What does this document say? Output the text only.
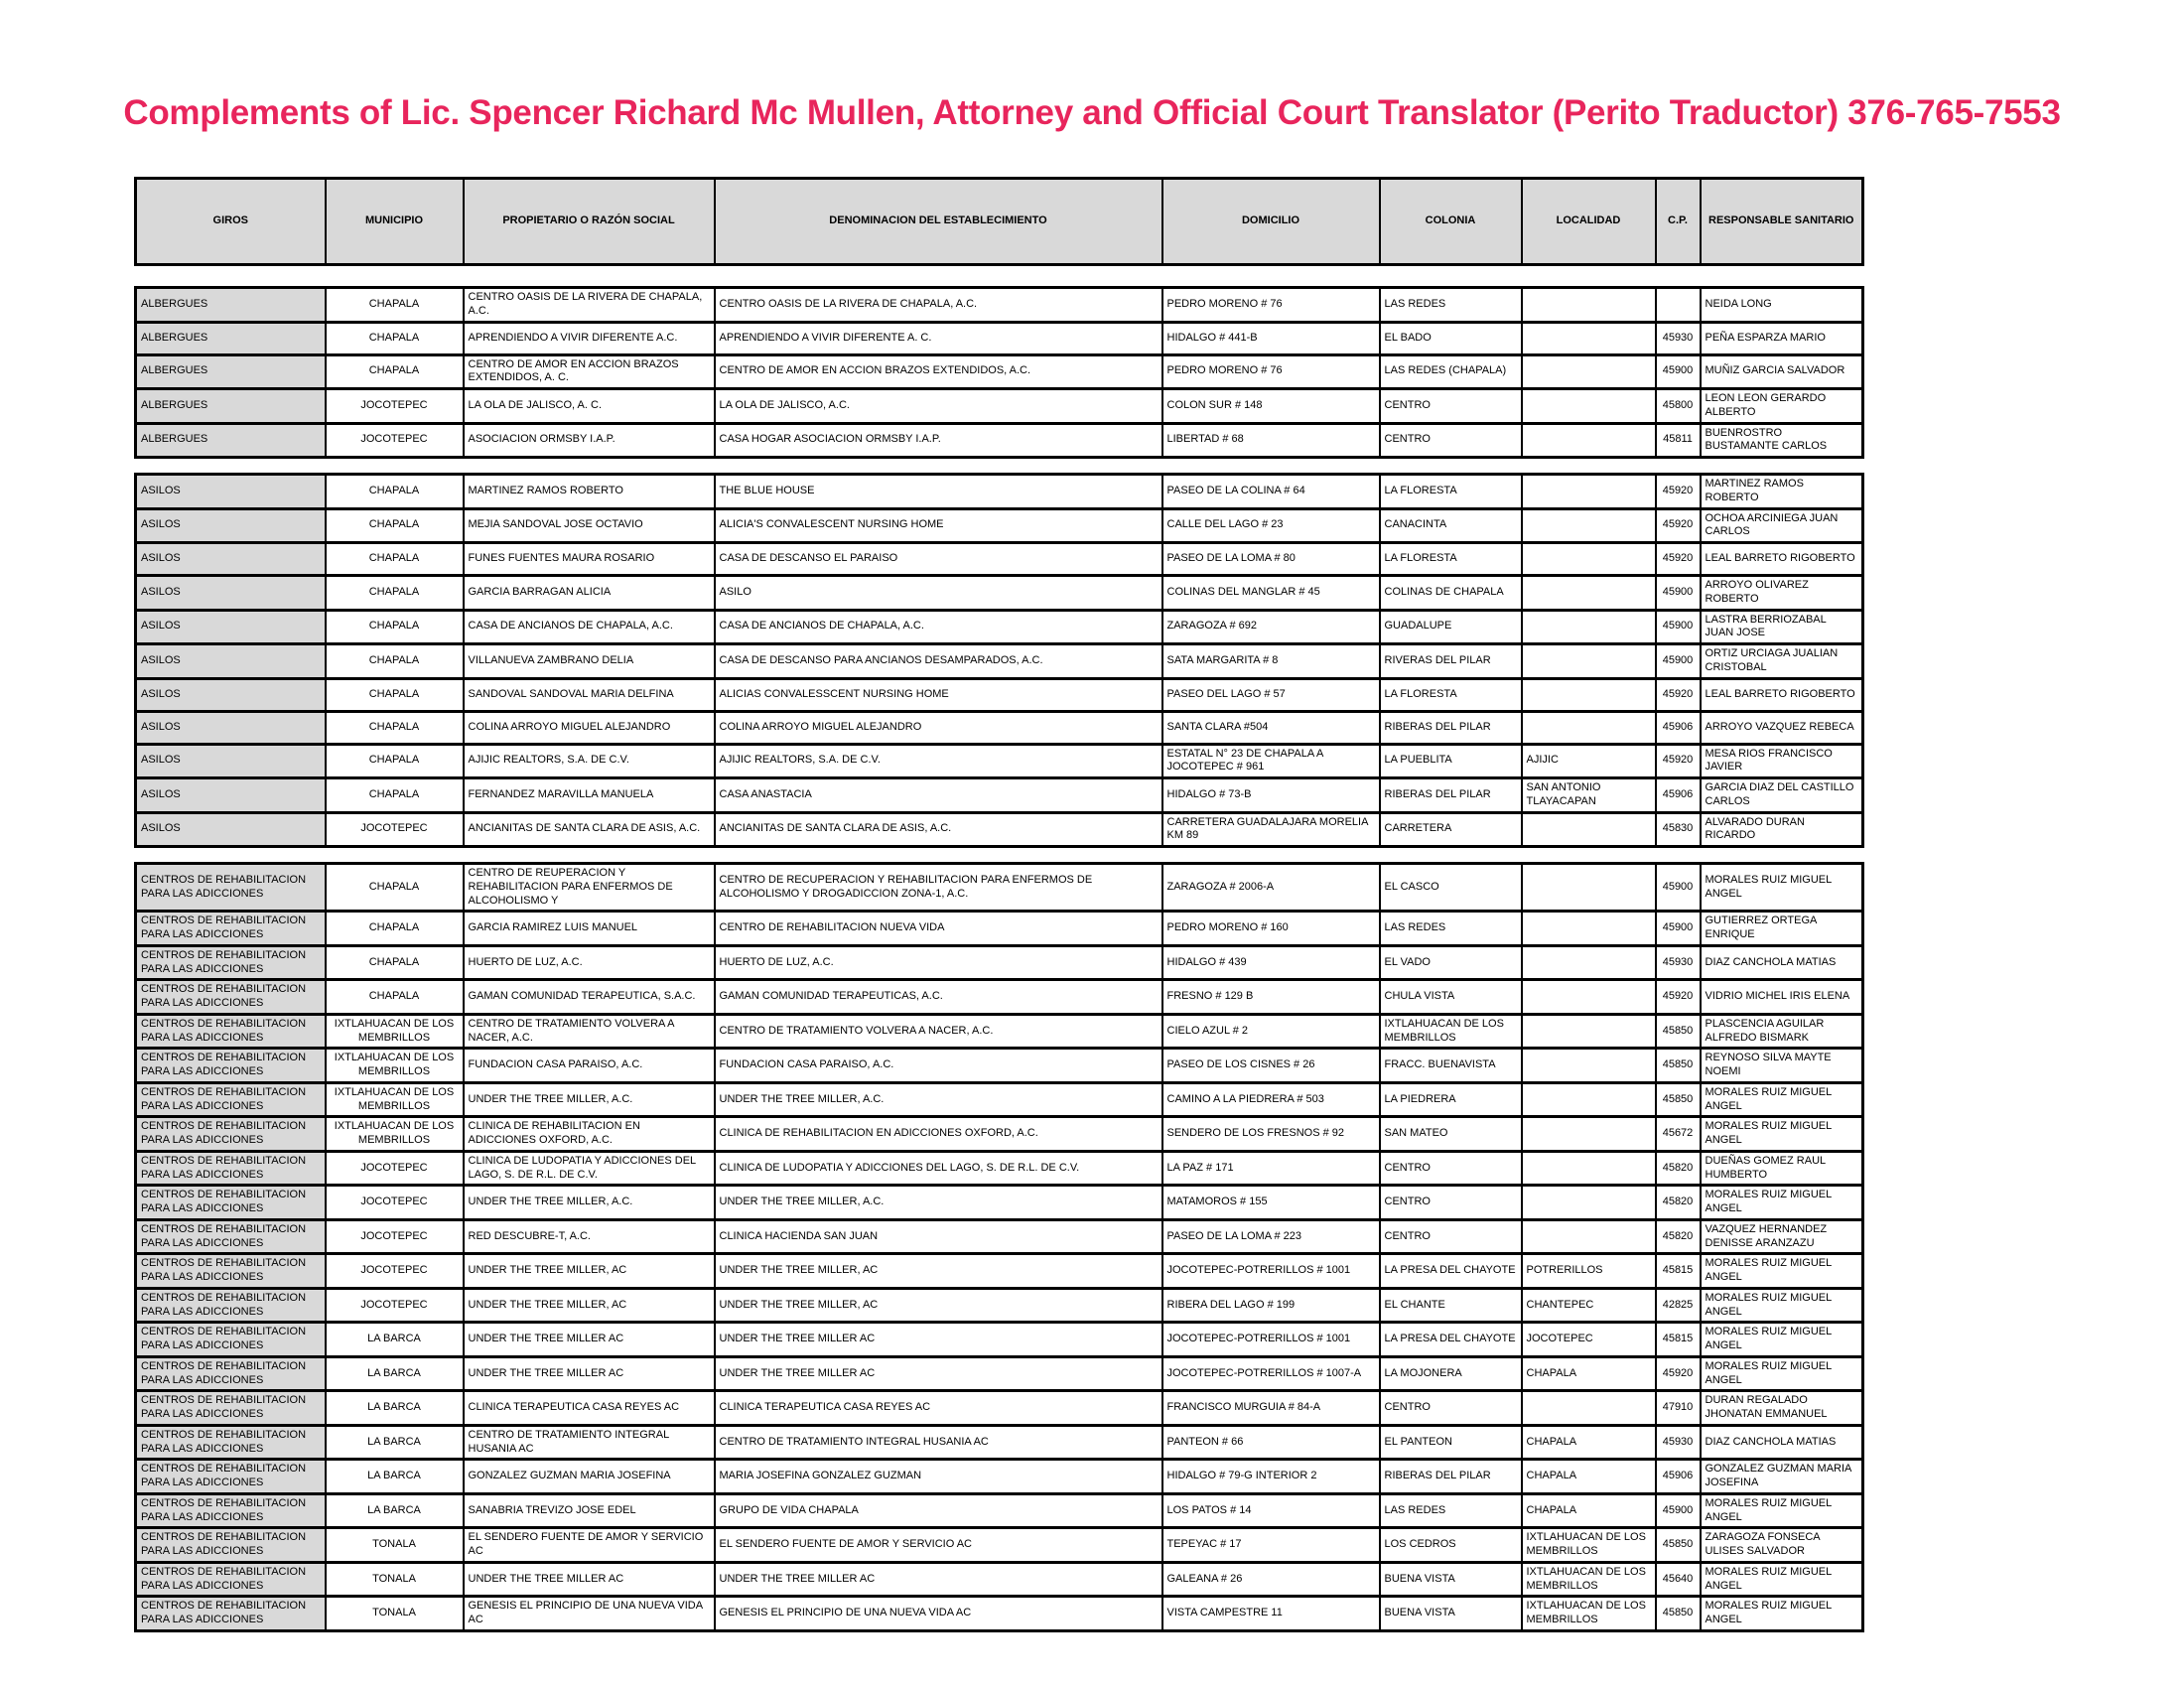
Complements of Lic. Spencer Richard Mc Mullen, Attorney and Official Court Translator (Perito Traductor) 376-765-7553
GIROS	MUNICIPIO	PROPIETARIO O RAZÓN SOCIAL	DENOMINACION DEL ESTABLECIMIENTO	DOMICILIO	COLONIA	LOCALIDAD	C.P.	RESPONSABLE SANITARIO
ALBERGUES	CHAPALA	CENTRO OASIS DE LA RIVERA DE CHAPALA, A.C.	CENTRO OASIS DE LA RIVERA DE CHAPALA, A.C.	PEDRO MORENO # 76	LAS REDES			NEIDA LONG
ALBERGUES	CHAPALA	APRENDIENDO A VIVIR DIFERENTE A.C.	APRENDIENDO A VIVIR DIFERENTE A. C.	HIDALGO # 441-B	EL BADO		45930	PEÑA ESPARZA MARIO
ALBERGUES	CHAPALA	CENTRO DE AMOR EN ACCION BRAZOS EXTENDIDOS, A. C.	CENTRO DE AMOR EN ACCION BRAZOS EXTENDIDOS, A.C.	PEDRO MORENO # 76	LAS REDES (CHAPALA)		45900	MUÑIZ GARCIA SALVADOR
ALBERGUES	JOCOTEPEC	LA OLA DE JALISCO, A. C.	LA OLA DE JALISCO, A.C.	COLON SUR # 148	CENTRO		45800	LEON LEON GERARDO ALBERTO
ALBERGUES	JOCOTEPEC	ASOCIACION ORMSBY I.A.P.	CASA HOGAR ASOCIACION ORMSBY I.A.P.	LIBERTAD # 68	CENTRO		45811	BUENROSTRO BUSTAMANTE CARLOS
ASILOS	CHAPALA	MARTINEZ RAMOS ROBERTO	THE BLUE HOUSE	PASEO DE LA COLINA # 64	LA FLORESTA		45920	MARTINEZ RAMOS ROBERTO
ASILOS	CHAPALA	MEJIA SANDOVAL JOSE OCTAVIO	ALICIA'S CONVALESCENT NURSING HOME	CALLE DEL LAGO # 23	CANACINTA		45920	OCHOA ARCINIEGA JUAN CARLOS
ASILOS	CHAPALA	FUNES FUENTES MAURA ROSARIO	CASA DE DESCANSO EL PARAISO	PASEO DE LA LOMA # 80	LA FLORESTA		45920	LEAL BARRETO RIGOBERTO
ASILOS	CHAPALA	GARCIA BARRAGAN ALICIA	ASILO	COLINAS DEL MANGLAR # 45	COLINAS DE CHAPALA		45900	ARROYO OLIVAREZ ROBERTO
ASILOS	CHAPALA	CASA DE ANCIANOS DE CHAPALA, A.C.	CASA DE ANCIANOS DE CHAPALA, A.C.	ZARAGOZA # 692	GUADALUPE		45900	LASTRA BERRIOZABAL JUAN JOSE
ASILOS	CHAPALA	VILLANUEVA ZAMBRANO DELIA	CASA DE DESCANSO PARA ANCIANOS DESAMPARADOS, A.C.	SATA MARGARITA # 8	RIVERAS DEL PILAR		45900	ORTIZ URCIAGA JUALIAN CRISTOBAL
ASILOS	CHAPALA	SANDOVAL SANDOVAL MARIA DELFINA	ALICIAS CONVALESSCENT NURSING HOME	PASEO DEL LAGO # 57	LA FLORESTA		45920	LEAL BARRETO RIGOBERTO
ASILOS	CHAPALA	COLINA ARROYO MIGUEL ALEJANDRO	COLINA ARROYO MIGUEL ALEJANDRO	SANTA CLARA #504	RIBERAS DEL PILAR		45906	ARROYO VAZQUEZ REBECA
ASILOS	CHAPALA	AJIJIC REALTORS, S.A. DE C.V.	AJIJIC REALTORS, S.A. DE C.V.	ESTATAL N° 23 DE CHAPALA A JOCOTEPEC # 961	LA PUEBLITA	AJIJIC	45920	MESA RIOS FRANCISCO JAVIER
ASILOS	CHAPALA	FERNANDEZ MARAVILLA MANUELA	CASA ANASTACIA	HIDALGO # 73-B	RIBERAS DEL PILAR	SAN ANTONIO TLAYACAPAN	45906	GARCIA DIAZ DEL CASTILLO CARLOS
ASILOS	JOCOTEPEC	ANCIANITAS DE SANTA CLARA DE ASIS, A.C.	ANCIANITAS DE SANTA CLARA DE ASIS, A.C.	CARRETERA GUADALAJARA MORELIA KM 89	CARRETERA		45830	ALVARADO DURAN RICARDO
CENTROS DE REHABILITACION PARA LAS ADICCIONES	CHAPALA	CENTRO DE REUPERACION Y REHABILITACION PARA ENFERMOS DE ALCOHOLISMO Y	CENTRO DE RECUPERACION Y REHABILITACION PARA ENFERMOS DE ALCOHOLISMO Y DROGADICCION ZONA-1, A.C.	ZARAGOZA # 2006-A	EL CASCO		45900	MORALES RUIZ MIGUEL ANGEL
CENTROS DE REHABILITACION PARA LAS ADICCIONES	CHAPALA	GARCIA RAMIREZ LUIS MANUEL	CENTRO DE REHABILITACION NUEVA VIDA	PEDRO MORENO # 160	LAS REDES		45900	GUTIERREZ ORTEGA ENRIQUE
CENTROS DE REHABILITACION PARA LAS ADICCIONES	CHAPALA	HUERTO DE LUZ, A.C.	HUERTO DE LUZ, A.C.	HIDALGO # 439	EL VADO		45930	DIAZ CANCHOLA MATIAS
CENTROS DE REHABILITACION PARA LAS ADICCIONES	CHAPALA	GAMAN COMUNIDAD TERAPEUTICA, S.A.C.	GAMAN COMUNIDAD TERAPEUTICAS, A.C.	FRESNO # 129 B	CHULA VISTA		45920	VIDRIO MICHEL IRIS ELENA
CENTROS DE REHABILITACION PARA LAS ADICCIONES	IXTLAHUACAN DE LOS MEMBRILLOS	CENTRO DE TRATAMIENTO VOLVERA A NACER, A.C.	CENTRO DE TRATAMIENTO VOLVERA A NACER, A.C.	CIELO AZUL # 2	IXTLAHUACAN DE LOS MEMBRILLOS		45850	PLASCENCIA AGUILAR ALFREDO BISMARK
CENTROS DE REHABILITACION PARA LAS ADICCIONES	IXTLAHUACAN DE LOS MEMBRILLOS	FUNDACION CASA PARAISO, A.C.	FUNDACION CASA PARAISO, A.C.	PASEO DE LOS CISNES # 26	FRACC. BUENAVISTA		45850	REYNOSO SILVA MAYTE NOEMI
CENTROS DE REHABILITACION PARA LAS ADICCIONES	IXTLAHUACAN DE LOS MEMBRILLOS	UNDER THE TREE MILLER, A.C.	UNDER THE TREE MILLER, A.C.	CAMINO A LA PIEDRERA # 503	LA PIEDRERA		45850	MORALES RUIZ MIGUEL ANGEL
CENTROS DE REHABILITACION PARA LAS ADICCIONES	IXTLAHUACAN DE LOS MEMBRILLOS	CLINICA DE REHABILITACION EN ADICCIONES OXFORD, A.C.	CLINICA DE REHABILITACION EN ADICCIONES OXFORD, A.C.	SENDERO DE LOS FRESNOS # 92	SAN MATEO		45672	MORALES RUIZ MIGUEL ANGEL
CENTROS DE REHABILITACION PARA LAS ADICCIONES	JOCOTEPEC	CLINICA DE LUDOPATIA Y ADICCIONES DEL LAGO, S. DE R.L. DE C.V.	CLINICA DE LUDOPATIA Y ADICCIONES DEL LAGO, S. DE R.L. DE C.V.	LA PAZ # 171	CENTRO		45820	DUEÑAS GOMEZ RAUL HUMBERTO
CENTROS DE REHABILITACION PARA LAS ADICCIONES	JOCOTEPEC	UNDER THE TREE MILLER, A.C.	UNDER THE TREE MILLER, A.C.	MATAMOROS # 155	CENTRO		45820	MORALES RUIZ MIGUEL ANGEL
CENTROS DE REHABILITACION PARA LAS ADICCIONES	JOCOTEPEC	RED DESCUBRE-T, A.C.	CLINICA HACIENDA SAN JUAN	PASEO DE LA LOMA # 223	CENTRO		45820	VAZQUEZ HERNANDEZ DENISSE ARANZAZU
CENTROS DE REHABILITACION PARA LAS ADICCIONES	JOCOTEPEC	UNDER THE TREE MILLER, AC	UNDER THE TREE MILLER, AC	JOCOTEPEC-POTRERILLOS # 1001	LA PRESA DEL CHAYOTE	POTRERILLOS	45815	MORALES RUIZ MIGUEL ANGEL
CENTROS DE REHABILITACION PARA LAS ADICCIONES	JOCOTEPEC	UNDER THE TREE MILLER, AC	UNDER THE TREE MILLER, AC	RIBERA DEL LAGO # 199	EL CHANTE	CHANTEPEC	42825	MORALES RUIZ MIGUEL ANGEL
CENTROS DE REHABILITACION PARA LAS ADICCIONES	LA BARCA	UNDER THE TREE MILLER AC	UNDER THE TREE MILLER AC	JOCOTEPEC-POTRERILLOS # 1001	LA PRESA DEL CHAYOTE	JOCOTEPEC	45815	MORALES RUIZ MIGUEL ANGEL
CENTROS DE REHABILITACION PARA LAS ADICCIONES	LA BARCA	UNDER THE TREE MILLER AC	UNDER THE TREE MILLER AC	JOCOTEPEC-POTRERILLOS # 1007-A	LA MOJONERA	CHAPALA	45920	MORALES RUIZ MIGUEL ANGEL
CENTROS DE REHABILITACION PARA LAS ADICCIONES	LA BARCA	CLINICA TERAPEUTICA CASA REYES AC	CLINICA TERAPEUTICA CASA REYES AC	FRANCISCO MURGUIA # 84-A	CENTRO		47910	DURAN REGALADO JHONATAN EMMANUEL
CENTROS DE REHABILITACION PARA LAS ADICCIONES	LA BARCA	CENTRO DE TRATAMIENTO INTEGRAL HUSANIA AC	CENTRO DE TRATAMIENTO INTEGRAL HUSANIA AC	PANTEON # 66	EL PANTEON	CHAPALA	45930	DIAZ CANCHOLA MATIAS
CENTROS DE REHABILITACION PARA LAS ADICCIONES	LA BARCA	GONZALEZ GUZMAN MARIA JOSEFINA	MARIA JOSEFINA GONZALEZ GUZMAN	HIDALGO # 79-G INTERIOR 2	RIBERAS DEL PILAR	CHAPALA	45906	GONZALEZ GUZMAN MARIA JOSEFINA
CENTROS DE REHABILITACION PARA LAS ADICCIONES	LA BARCA	SANABRIA TREVIZO JOSE EDEL	GRUPO DE VIDA CHAPALA	LOS PATOS # 14	LAS REDES	CHAPALA	45900	MORALES RUIZ MIGUEL ANGEL
CENTROS DE REHABILITACION PARA LAS ADICCIONES	TONALA	EL SENDERO FUENTE DE AMOR Y SERVICIO AC	EL SENDERO FUENTE DE AMOR Y SERVICIO AC	TEPEYAC # 17	LOS CEDROS	IXTLAHUACAN DE LOS MEMBRILLOS	45850	ZARAGOZA FONSECA ULISES SALVADOR
CENTROS DE REHABILITACION PARA LAS ADICCIONES	TONALA	UNDER THE TREE MILLER AC	UNDER THE TREE MILLER AC	GALEANA # 26	BUENA VISTA	IXTLAHUACAN DE LOS MEMBRILLOS	45640	MORALES RUIZ MIGUEL ANGEL
CENTROS DE REHABILITACION PARA LAS ADICCIONES	TONALA	GENESIS EL PRINCIPIO DE UNA NUEVA VIDA AC	GENESIS EL PRINCIPIO DE UNA NUEVA VIDA AC	VISTA CAMPESTRE 11	BUENA VISTA	IXTLAHUACAN DE LOS MEMBRILLOS	45850	MORALES RUIZ MIGUEL ANGEL
